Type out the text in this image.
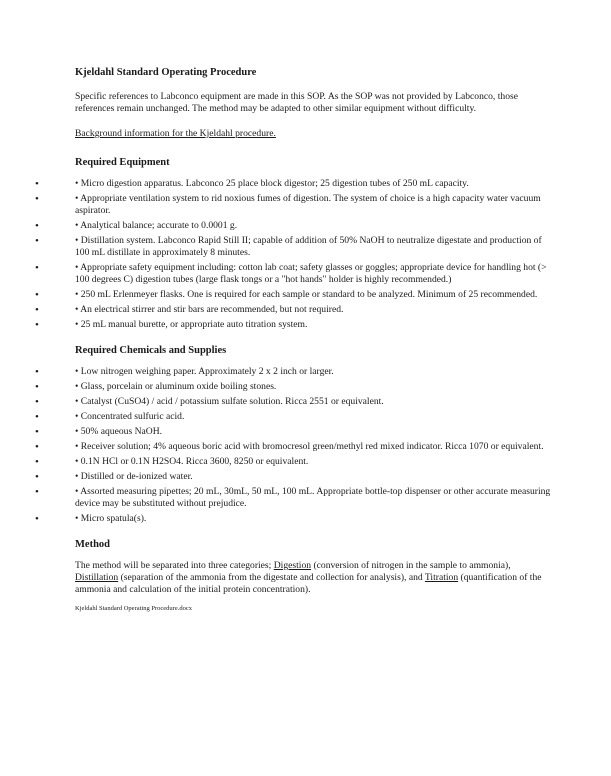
Kjeldahl Standard Operating Procedure

Specific references to Labconco equipment are made in this SOP. As the SOP was not provided by Labconco, those references remain unchanged. The method may be adapted to other similar equipment without difficulty.

Background information for the Kjeldahl procedure.

Required Equipment
•	• Micro digestion apparatus. Labconco 25 place block digestor; 25 digestion tubes of 250 mL capacity.
•	• Appropriate ventilation system to rid noxious fumes of digestion. The system of choice is a high capacity water vacuum aspirator.
•	• Analytical balance; accurate to 0.0001 g.
•	• Distillation system. Labconco Rapid Still II; capable of addition of 50% NaOH to neutralize digestate and production of 100 mL distillate in approximately 8 minutes.
•	• Appropriate safety equipment including: cotton lab coat; safety glasses or goggles; appropriate device for handling hot (> 100 degrees C) digestion tubes (large flask tongs or a "hot hands" holder is highly recommended.)
•	• 250 mL Erlenmeyer flasks. One is required for each sample or standard to be analyzed. Minimum of 25 recommended.
•	• An electrical stirrer and stir bars are recommended, but not required.
•	• 25 mL manual burette, or appropriate auto titration system.
Required Chemicals and Supplies
•	• Low nitrogen weighing paper. Approximately 2 x 2 inch or larger.
•	• Glass, porcelain or aluminum oxide boiling stones.
•	• Catalyst (CuSO4) / acid / potassium sulfate solution. Ricca 2551 or equivalent.
•	• Concentrated sulfuric acid.
•	• 50% aqueous NaOH.
•	• Receiver solution; 4% aqueous boric acid with bromocresol green/methyl red mixed indicator. Ricca 1070 or equivalent.
•	• 0.1N HCl or 0.1N H2SO4. Ricca 3600, 8250 or equivalent.
•	• Distilled or de-ionized water.
•	• Assorted measuring pipettes; 20 mL, 30mL, 50 mL, 100 mL. Appropriate bottle-top dispenser or other accurate measuring device may be substituted without prejudice.
•	• Micro spatula(s).
Method

The method will be separated into three categories; Digestion (conversion of nitrogen in the sample to ammonia), Distillation (separation of the ammonia from the digestate and collection for analysis), and Titration (quantification of the ammonia and calculation of the initial protein concentration).

Kjeldahl Standard Operating Procedure.docx
